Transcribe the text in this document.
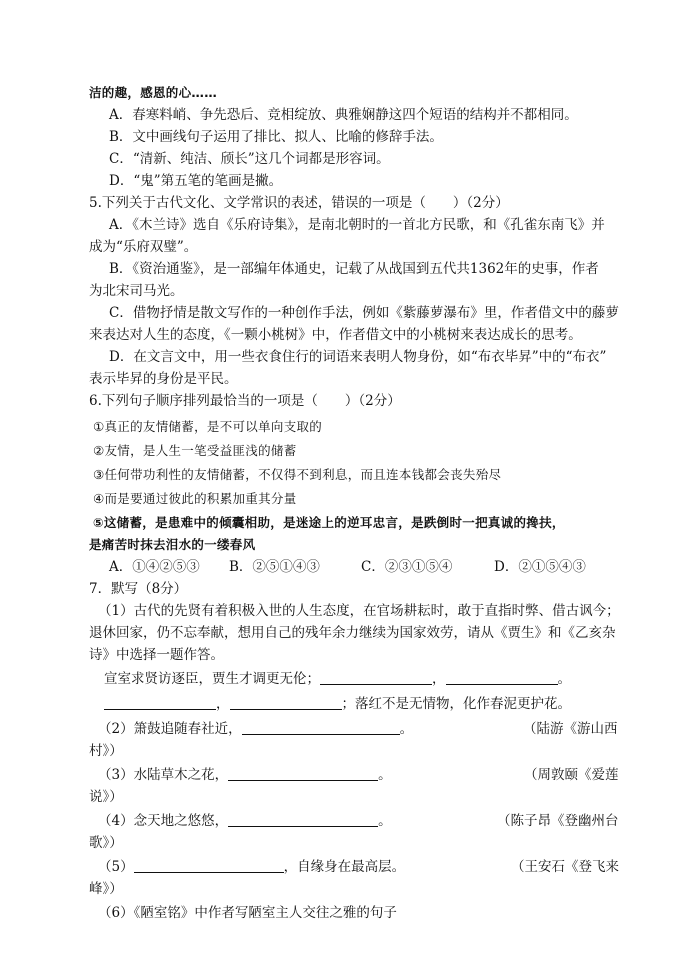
洁的趣，感恩的心……
A．春寒料峭、争先恐后、竞相绽放、典雅娴静这四个短语的结构并不都相同。
B．文中画线句子运用了排比、拟人、比喻的修辞手法。
C．“清新、纯洁、颀长”这几个词都是形容词。
D．“鬼”第五笔的笔画是撇。
5.下列关于古代文化、文学常识的表述，错误的一项是（　　）（2分）
A．《木兰诗》选自《乐府诗集》，是南北朝时的一首北方民歌，和《孔雀东南飞》并
成为“乐府双璧”。
B．《资治通鉴》，是一部编年体通史，记载了从战国到五代共1362年的史事，作者
为北宋司马光。
C．借物抒情是散文写作的一种创作手法，例如《紫藤萝瀑布》里，作者借文中的藤萝
来表达对人生的态度，《一颗小桃树》中，作者借文中的小桃树来表达成长的思考。
D．在文言文中，用一些衣食住行的词语来表明人物身份，如“布衣毕昇”中的“布衣”
表示毕昇的身份是平民。
6.下列句子顺序排列最恰当的一项是（　　）（2分）
①真正的友情储蓄，是不可以单向支取的
②友情，是人生一笔受益匪浅的储蓄
③任何带功利性的友情储蓄，不仅得不到利息，而且连本钱都会丧失殆尽
④而是要通过彼此的积累加重其分量
⑤这储蓄，是患难中的倾囊相助，是迷途上的逆耳忠言，是跌倒时一把真诚的搀扶，
是痛苦时抹去泪水的一缕春风
A．①④②⑤③ B．②⑤①④③	C．②③①⑤④	D．②①⑤④③
7．默写（8分）
（1）古代的先贤有着积极入世的人生态度，在官场耕耘时，敢于直指时弊、借古讽今；
退休回家，仍不忘奉献，想用自己的残年余力继续为国家效劳，请从《贾生》和《乙亥杂
诗》中选择一题作答。
宣室求贤访逐臣，贾生才调更无伦；	，	。
，	；落红不是无情物，化作春泥更护花。
（2）箫鼓追随春社近，	。	（陆游《游山西
村》）
（3）水陆草木之花，	。	（周敦颐《爱莲
说》）
（4）念天地之悠悠，	。	（陈子昂《登幽州台
歌》）
（5）	，自缘身在最高层。	（王安石《登飞来
峰》）
（6）《陋室铭》中作者写陋室主人交往之雅的句子
